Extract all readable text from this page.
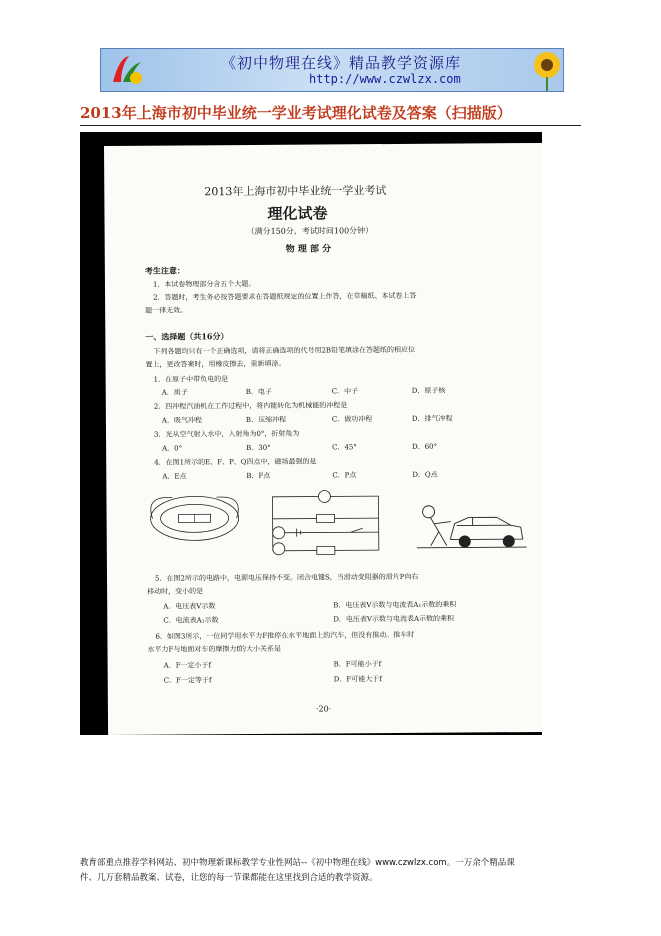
《初中物理在线》精品教学资源库
http://www.czwlzx.com
2013年上海市初中毕业统一学业考试理化试卷及答案（扫描版）
2013年上海市初中毕业统一学业考试
理化试卷
（满分150分，考试时间100分钟）
物 理 部 分
考生注意：
1．本试卷物理部分含五个大题。
2．答题时，考生务必按答题要求在答题纸规定的位置上作答，在草稿纸、本试卷上答
题一律无效。
一、选择题（共16分）
下列各题均只有一个正确选项，请将正确选项的代号用2B铅笔填涂在答题纸的相应位
置上，更改答案时，用橡皮擦去，重新填涂。
1．在原子中带负电的是
A．质子	B．电子	C．中子	D．原子核
2．四冲程汽油机在工作过程中，将内能转化为机械能的冲程是
A．吸气冲程	B．压缩冲程	C．做功冲程	D．排气冲程
3．光从空气射入水中，入射角为0°，折射角为
A．0°	B．30°	C．45°	D．60°
4．在图1所示的E、F、P、Q四点中，磁场最强的是
A．E点	B．F点	C．P点	D．Q点
5．在图2所示的电路中，电源电压保持不变。闭合电键S，当滑动变阻器的滑片P向右
移动时，变小的是
A．电压表V示数	B．电压表V示数与电流表A₁示数的乘积
C．电流表A₁示数	D．电压表V示数与电流表A示数的乘积
6．如图3所示，一位同学用水平力F推停在水平地面上的汽车，但没有推动。推车时
水平力F与地面对车的摩擦力f的大小关系是
A．F一定小于f	B．F可能小于f
C．F一定等于f	D．F可能大于f
·20·
教育部重点推荐学科网站、初中物理新课标教学专业性网站--《初中物理在线》www.czwlzx.com。一万余个精品课
件、几万套精品教案、试卷，让您的每一节课都能在这里找到合适的教学资源。
